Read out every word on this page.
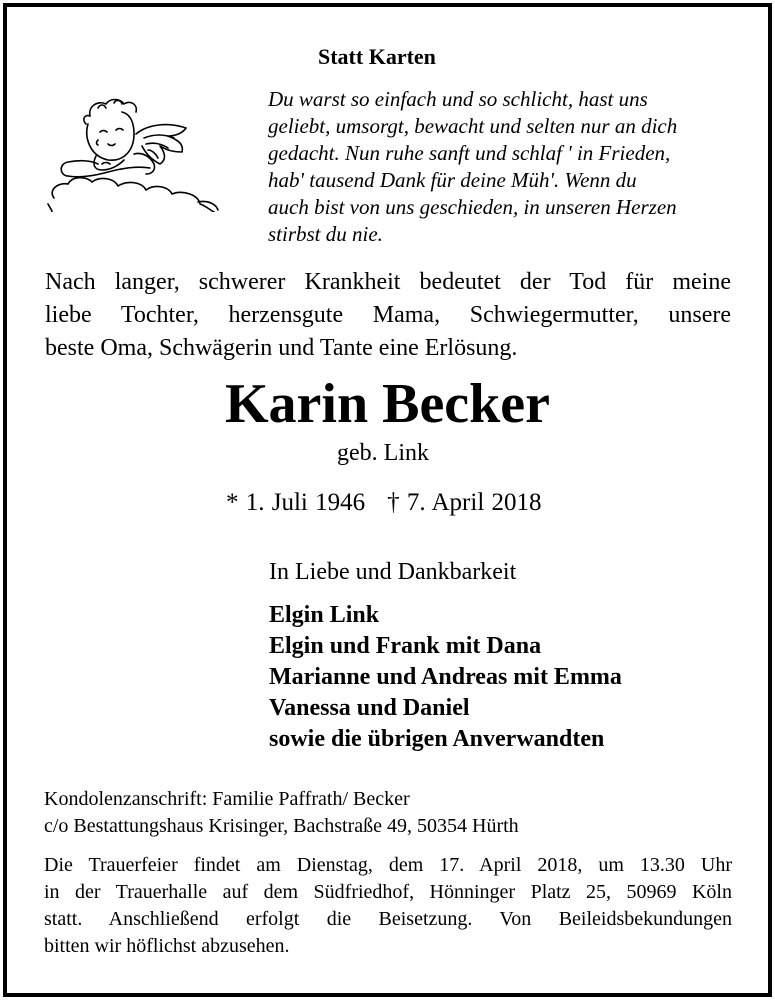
Statt Karten
Du warst so einfach und so schlicht, hast uns
geliebt, umsorgt, bewacht und selten nur an dich
gedacht. Nun ruhe sanft und schlaf ' in Frieden,
hab' tausend Dank für deine Müh'. Wenn du
auch bist von uns geschieden, in unseren Herzen
stirbst du nie.
Nach langer, schwerer Krankheit bedeutet der Tod für meine
liebe Tochter, herzensgute Mama, Schwiegermutter, unsere
beste Oma, Schwägerin und Tante eine Erlösung.
Karin Becker
geb. Link
* 1. Juli 1946 † 7. April 2018
In Liebe und Dankbarkeit
Elgin Link
Elgin und Frank mit Dana
Marianne und Andreas mit Emma
Vanessa und Daniel
sowie die übrigen Anverwandten
Kondolenzanschrift: Familie Paffrath/ Becker
c/o Bestattungshaus Krisinger, Bachstraße 49, 50354 Hürth
Die Trauerfeier findet am Dienstag, dem 17. April 2018, um 13.30 Uhr
in der Trauerhalle auf dem Südfriedhof, Hönninger Platz 25, 50969 Köln
statt. Anschließend erfolgt die Beisetzung. Von Beileidsbekundungen
bitten wir höflichst abzusehen.
